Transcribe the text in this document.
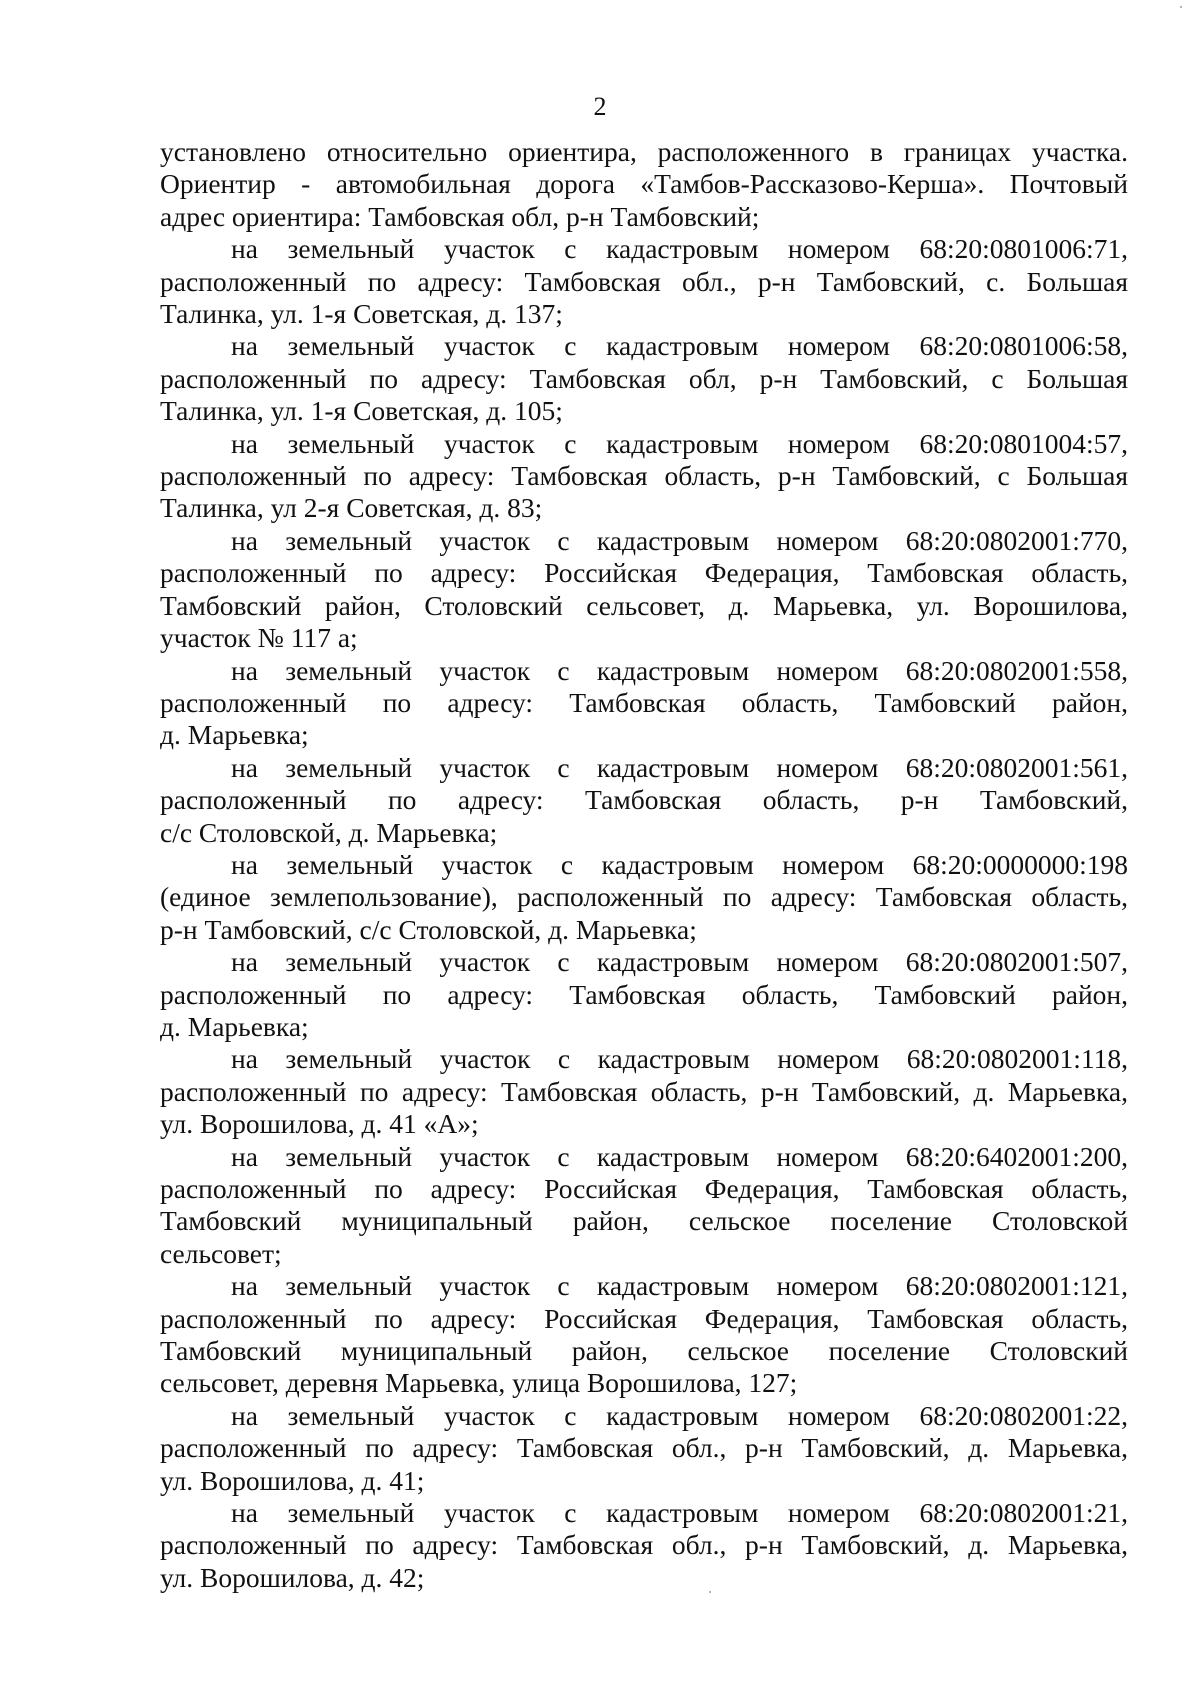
2
установлено относительно ориентира, расположенного в границах участка.
Ориентир - автомобильная дорога «Тамбов-Рассказово-Керша». Почтовый
адрес ориентира: Тамбовская обл, р-н Тамбовский;
на земельный участок с кадастровым номером 68:20:0801006:71,
расположенный по адресу: Тамбовская обл., р-н Тамбовский, с. Большая
Талинка, ул. 1-я Советская, д. 137;
на земельный участок с кадастровым номером 68:20:0801006:58,
расположенный по адресу: Тамбовская обл, р-н Тамбовский, с Большая
Талинка, ул. 1-я Советская, д. 105;
на земельный участок с кадастровым номером 68:20:0801004:57,
расположенный по адресу: Тамбовская область, р-н Тамбовский, с Большая
Талинка, ул 2-я Советская, д. 83;
на земельный участок с кадастровым номером 68:20:0802001:770,
расположенный по адресу: Российская Федерация, Тамбовская область,
Тамбовский район, Столовский сельсовет, д. Марьевка, ул. Ворошилова,
участок № 117 а;
на земельный участок с кадастровым номером 68:20:0802001:558,
расположенный по адресу: Тамбовская область, Тамбовский район,
д. Марьевка;
на земельный участок с кадастровым номером 68:20:0802001:561,
расположенный по адресу: Тамбовская область, р-н Тамбовский,
с/с Столовской, д. Марьевка;
на земельный участок с кадастровым номером 68:20:0000000:198
(единое землепользование), расположенный по адресу: Тамбовская область,
р-н Тамбовский, с/с Столовской, д. Марьевка;
на земельный участок с кадастровым номером 68:20:0802001:507,
расположенный по адресу: Тамбовская область, Тамбовский район,
д. Марьевка;
на земельный участок с кадастровым номером 68:20:0802001:118,
расположенный по адресу: Тамбовская область, р-н Тамбовский, д. Марьевка,
ул. Ворошилова, д. 41 «А»;
на земельный участок с кадастровым номером 68:20:6402001:200,
расположенный по адресу: Российская Федерация, Тамбовская область,
Тамбовский муниципальный район, сельское поселение Столовской
сельсовет;
на земельный участок с кадастровым номером 68:20:0802001:121,
расположенный по адресу: Российская Федерация, Тамбовская область,
Тамбовский муниципальный район, сельское поселение Столовский
сельсовет, деревня Марьевка, улица Ворошилова, 127;
на земельный участок с кадастровым номером 68:20:0802001:22,
расположенный по адресу: Тамбовская обл., р-н Тамбовский, д. Марьевка,
ул. Ворошилова, д. 41;
на земельный участок с кадастровым номером 68:20:0802001:21,
расположенный по адресу: Тамбовская обл., р-н Тамбовский, д. Марьевка,
ул. Ворошилова, д. 42;
